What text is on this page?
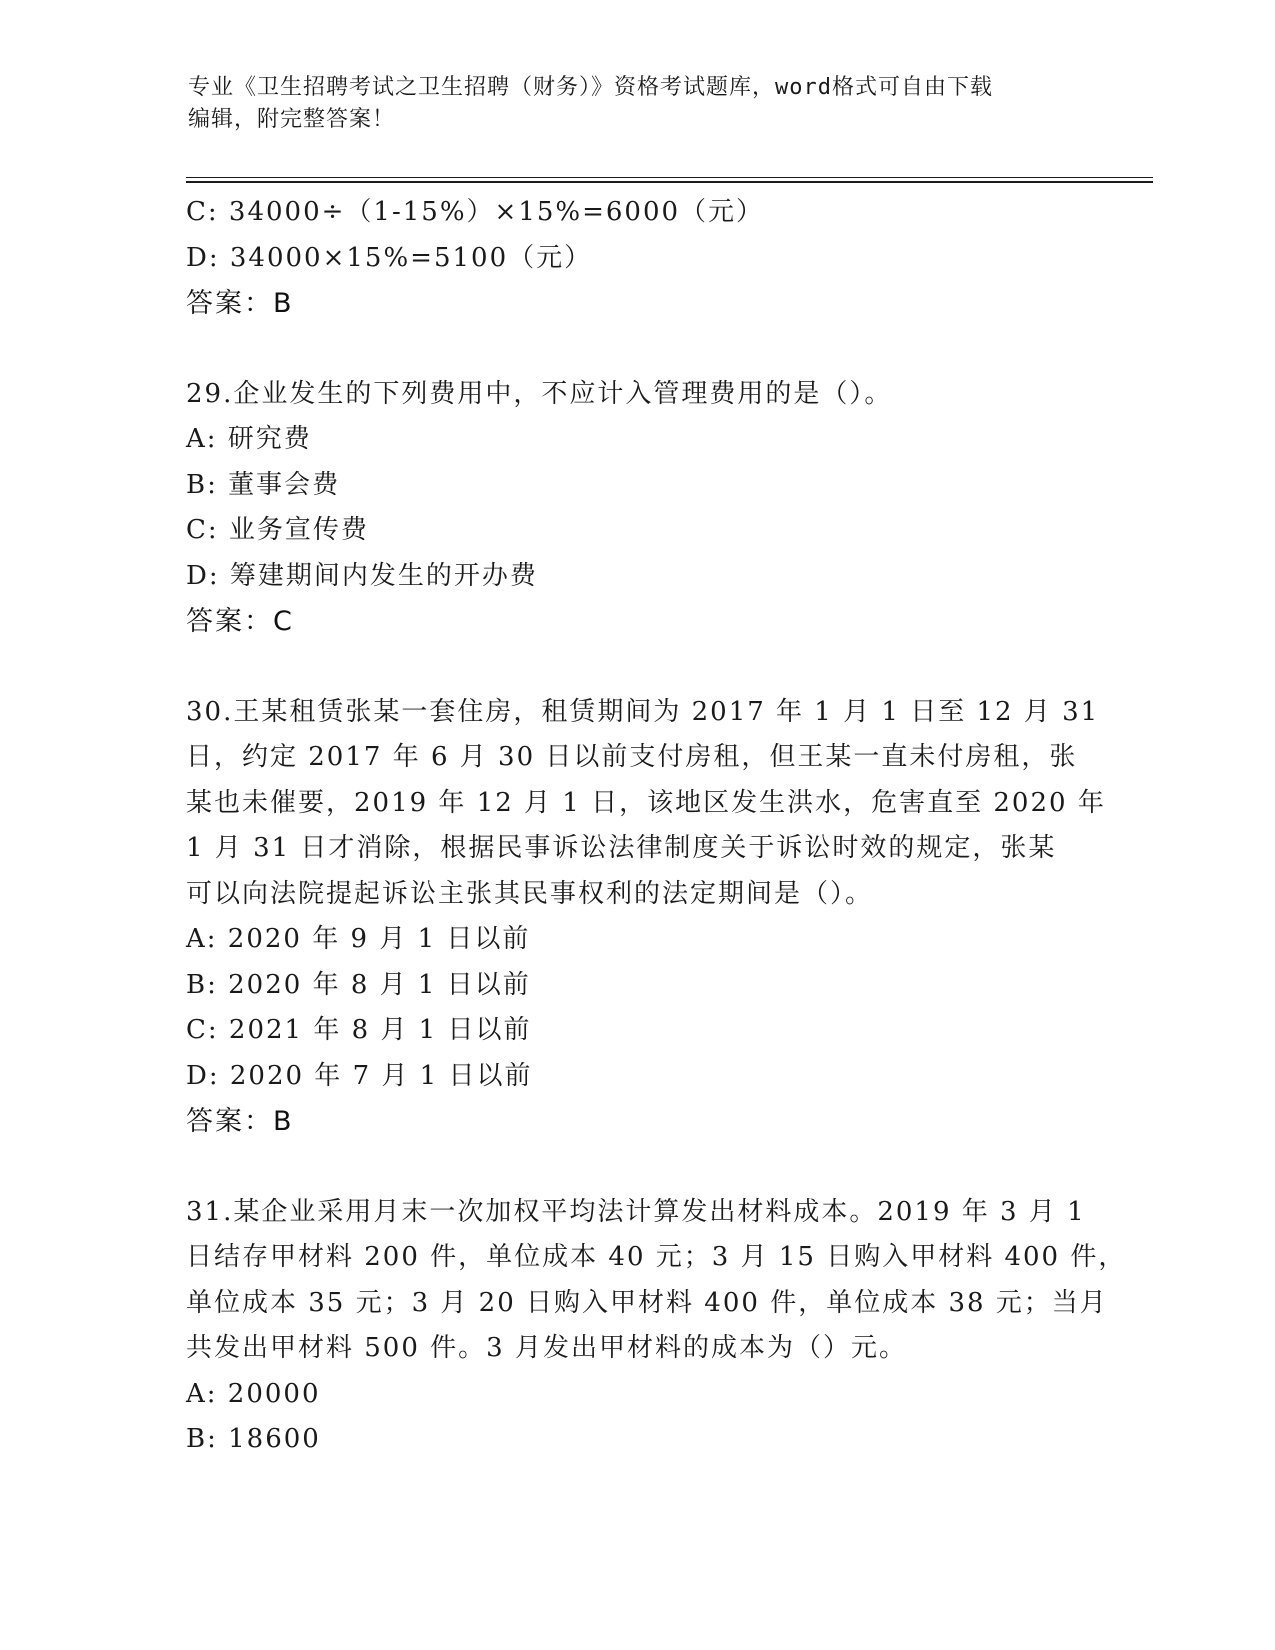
专业《卫生招聘考试之卫生招聘（财务）》资格考试题库，word格式可自由下载
编辑，附完整答案！
C: 34000÷（1-15%）×15%=6000（元）
D: 34000×15%=5100（元）
答案：B
29.企业发生的下列费用中，不应计入管理费用的是（）。
A: 研究费
B: 董事会费
C: 业务宣传费
D: 筹建期间内发生的开办费
答案：C
30.王某租赁张某一套住房，租赁期间为 2017 年 1 月 1 日至 12 月 31
日，约定 2017 年 6 月 30 日以前支付房租，但王某一直未付房租，张
某也未催要，2019 年 12 月 1 日，该地区发生洪水，危害直至 2020 年
1 月 31 日才消除，根据民事诉讼法律制度关于诉讼时效的规定，张某
可以向法院提起诉讼主张其民事权利的法定期间是（）。
A: 2020 年 9 月 1 日以前
B: 2020 年 8 月 1 日以前
C: 2021 年 8 月 1 日以前
D: 2020 年 7 月 1 日以前
答案：B
31.某企业采用月末一次加权平均法计算发出材料成本。2019 年 3 月 1
日结存甲材料 200 件，单位成本 40 元；3 月 15 日购入甲材料 400 件，
单位成本 35 元；3 月 20 日购入甲材料 400 件，单位成本 38 元；当月
共发出甲材料 500 件。3 月发出甲材料的成本为（）元。
A: 20000
B: 18600
